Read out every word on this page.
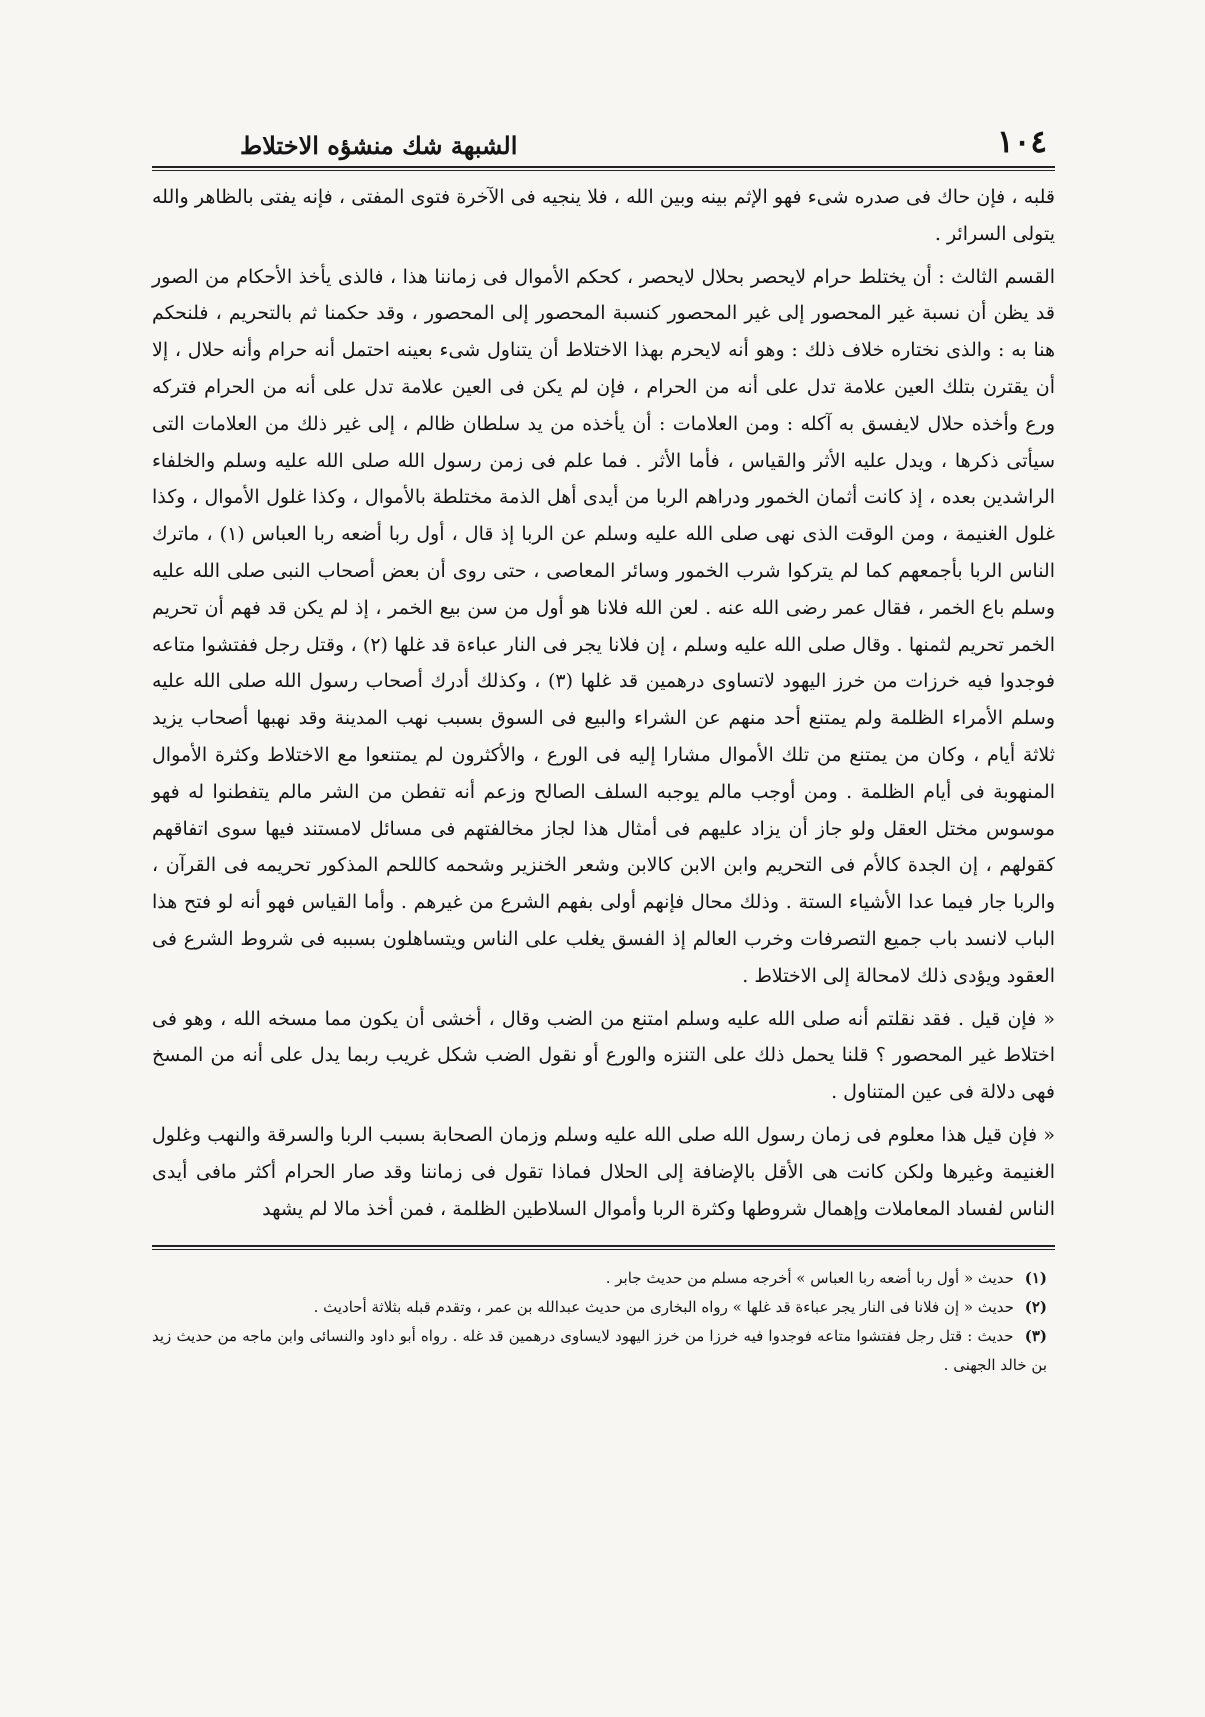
١٠٤
الشبهة شك منشؤه الاختلاط

قلبه ، فإن حاك فى صدره شىء فهو الإثم بينه وبين الله ، فلا ينجيه فى الآخرة فتوى المفتى ، فإنه يفتى بالظاهر والله يتولى السرائر .

القسم الثالث : أن يختلط حرام لايحصر بحلال لايحصر ، كحكم الأموال فى زماننا هذا ، فالذى يأخذ الأحكام من الصور قد يظن أن نسبة غير المحصور إلى غير المحصور كنسبة المحصور إلى المحصور ، وقد حكمنا ثم بالتحريم ، فلنحكم هنا به : والذى نختاره خلاف ذلك : وهو أنه لايحرم بهذا الاختلاط أن يتناول شىء بعينه احتمل أنه حرام وأنه حلال ، إلا أن يقترن بتلك العين علامة تدل على أنه من الحرام ، فإن لم يكن فى العين علامة تدل على أنه من الحرام فتركه ورع وأخذه حلال لايفسق به آكله : ومن العلامات : أن يأخذه من يد سلطان ظالم ، إلى غير ذلك من العلامات التى سيأتى ذكرها ، ويدل عليه الأثر والقياس ، فأما الأثر . فما علم فى زمن رسول الله صلى الله عليه وسلم والخلفاء الراشدين بعده ، إذ كانت أثمان الخمور ودراهم الربا من أيدى أهل الذمة مختلطة بالأموال ، وكذا غلول الأموال ، وكذا غلول الغنيمة ، ومن الوقت الذى نهى صلى الله عليه وسلم عن الربا إذ قال ، أول ربا أضعه ربا العباس (١) ، ماترك الناس الربا بأجمعهم كما لم يتركوا شرب الخمور وسائر المعاصى ، حتى روى أن بعض أصحاب النبى صلى الله عليه وسلم باع الخمر ، فقال عمر رضى الله عنه . لعن الله فلانا هو أول من سن بيع الخمر ، إذ لم يكن قد فهم أن تحريم الخمر تحريم لثمنها . وقال صلى الله عليه وسلم ، إن فلانا يجر فى النار عباءة قد غلها (٢) ، وقتل رجل ففتشوا متاعه فوجدوا فيه خرزات من خرز اليهود لاتساوى درهمين قد غلها (٣) ، وكذلك أدرك أصحاب رسول الله صلى الله عليه وسلم الأمراء الظلمة ولم يمتنع أحد منهم عن الشراء والبيع فى السوق بسبب نهب المدينة وقد نهبها أصحاب يزيد ثلاثة أيام ، وكان من يمتنع من تلك الأموال مشارا إليه فى الورع ، والأكثرون لم يمتنعوا مع الاختلاط وكثرة الأموال المنهوبة فى أيام الظلمة . ومن أوجب مالم يوجبه السلف الصالح وزعم أنه تفطن من الشر مالم يتفطنوا له فهو موسوس مختل العقل ولو جاز أن يزاد عليهم فى أمثال هذا لجاز مخالفتهم فى مسائل لامستند فيها سوى اتفاقهم كقولهم ، إن الجدة كالأم فى التحريم وابن الابن كالابن وشعر الخنزير وشحمه كاللحم المذكور تحريمه فى القرآن ، والربا جار فيما عدا الأشياء الستة . وذلك محال فإنهم أولى بفهم الشرع من غيرهم . وأما القياس فهو أنه لو فتح هذا الباب لانسد باب جميع التصرفات وخرب العالم إذ الفسق يغلب على الناس ويتساهلون بسببه فى شروط الشرع فى العقود ويؤدى ذلك لامحالة إلى الاختلاط .

« فإن قيل . فقد نقلتم أنه صلى الله عليه وسلم امتنع من الضب وقال ، أخشى أن يكون مما مسخه الله ، وهو فى اختلاط غير المحصور ؟ قلنا يحمل ذلك على التنزه والورع أو نقول الضب شكل غريب ربما يدل على أنه من المسخ فهى دلالة فى عين المتناول .

« فإن قيل هذا معلوم فى زمان رسول الله صلى الله عليه وسلم وزمان الصحابة بسبب الربا والسرقة والنهب وغلول الغنيمة وغيرها ولكن كانت هى الأقل بالإضافة إلى الحلال فماذا تقول فى زماننا وقد صار الحرام أكثر مافى أيدى الناس لفساد المعاملات وإهمال شروطها وكثرة الربا وأموال السلاطين الظلمة ، فمن أخذ مالا لم يشهد

(١) حديث « أول ربا أضعه ربا العباس » أخرجه مسلم من حديث جابر .

(٢) حديث « إن فلانا فى النار يجر عباءة قد غلها » رواه البخارى من حديث عبدالله بن عمر ، وتقدم قبله بثلاثة أحاديث .

(٣) حديث : قتل رجل ففتشوا متاعه فوجدوا فيه خرزا من خرز اليهود لايساوى درهمين قد غله . رواه أبو داود والنسائى وابن ماجه من حديث زيد بن خالد الجهنى .
